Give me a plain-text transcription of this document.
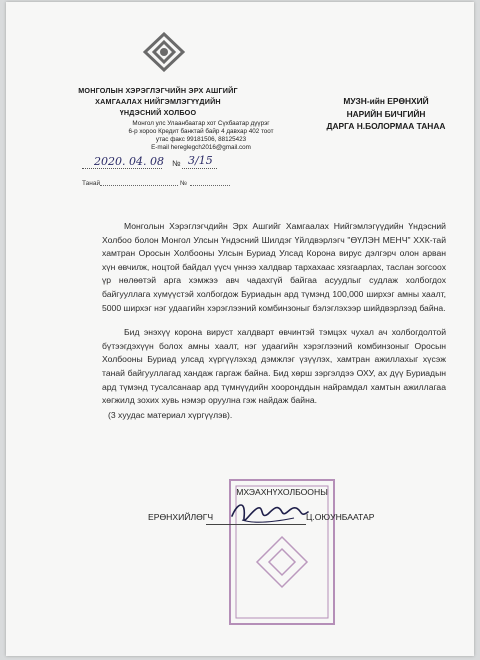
МОНГОЛЫН ХЭРЭГЛЭГЧИЙН ЭРХ АШГИЙГ
ХАМГААЛАХ НИЙГЭМЛЭГҮҮДИЙН
ҮНДЭСНИЙ ХОЛБОО
Монгол улс Улаанбаатар хот Сүхбаатар дүүрэг
6-р хороо Кредит банктай байр 4 давхар 402 тоот
утас факс 99181506, 88125423
E-mail hereglegch2016@gmail.com
МУЗН-ийн ЕРӨНХИЙ
НАРИЙН БИЧГИЙН
ДАРГА Н.БОЛОРМАА ТАНАА
2020. 04. 08 № 3/15
Танай	№

Монголын Хэрэглэгчдийн Эрх Ашгийг Хамгаалах Нийгэмлэгүүдийн Үндэсний Холбоо болон Монгол Улсын Үндэсний Шилдэг Үйлдвэрлэгч "ӨҮЛЭН МЕНЧ" ХХК-тай хамтран Оросын Холбооны Улсын Буриад Улсад Корона вирус дэлгэрч олон арван хүн өвчилж, ноцтой байдал үүсч үннээ халдвар тархахаас хязгаарлах, таслан зогсоох үр нөлөөтэй арга хэмжээ авч чадахгүй байгаа асуудлыг судлаж холбогдох байгууллага хүмүүстэй холбогдож Буриадын ард түмэнд 100,000 ширхэг амны хаалт, 5000 ширхэг нэг удаагийн хэрэглээний комбинзоныг бэлэглэхээр шийдвэрлээд байна.

Бид энэхүү корона вируст халдварт өвчинтэй тэмцэх чухал ач холбогдолтой бүтээгдэхүүн болох амны хаалт, нэг удаагийн хэрэглээний комбинзоныг Оросын Холбооны Буриад улсад хүргүүлэхэд дэмжлэг үзүүлэх, хамтран ажиллахыг хүсэж танай байгууллагад хандаж гаргаж байна. Бид хөрш зэргэлдээ ОХУ, ах дүү Буриадын ард түмэнд тусалсанаар ард түмнүүдийн хооронддын найрамдал хамтын ажиллагаа хөгжилд зохих хувь нэмэр оруулна гэж найдаж байна.

(3 хуудас материал хүргүүлэв).

МХЭАХНҮХОЛБООНЫ
ЕРӨНХИЙЛӨГЧ	Ц.ОЮУНБААТАР
